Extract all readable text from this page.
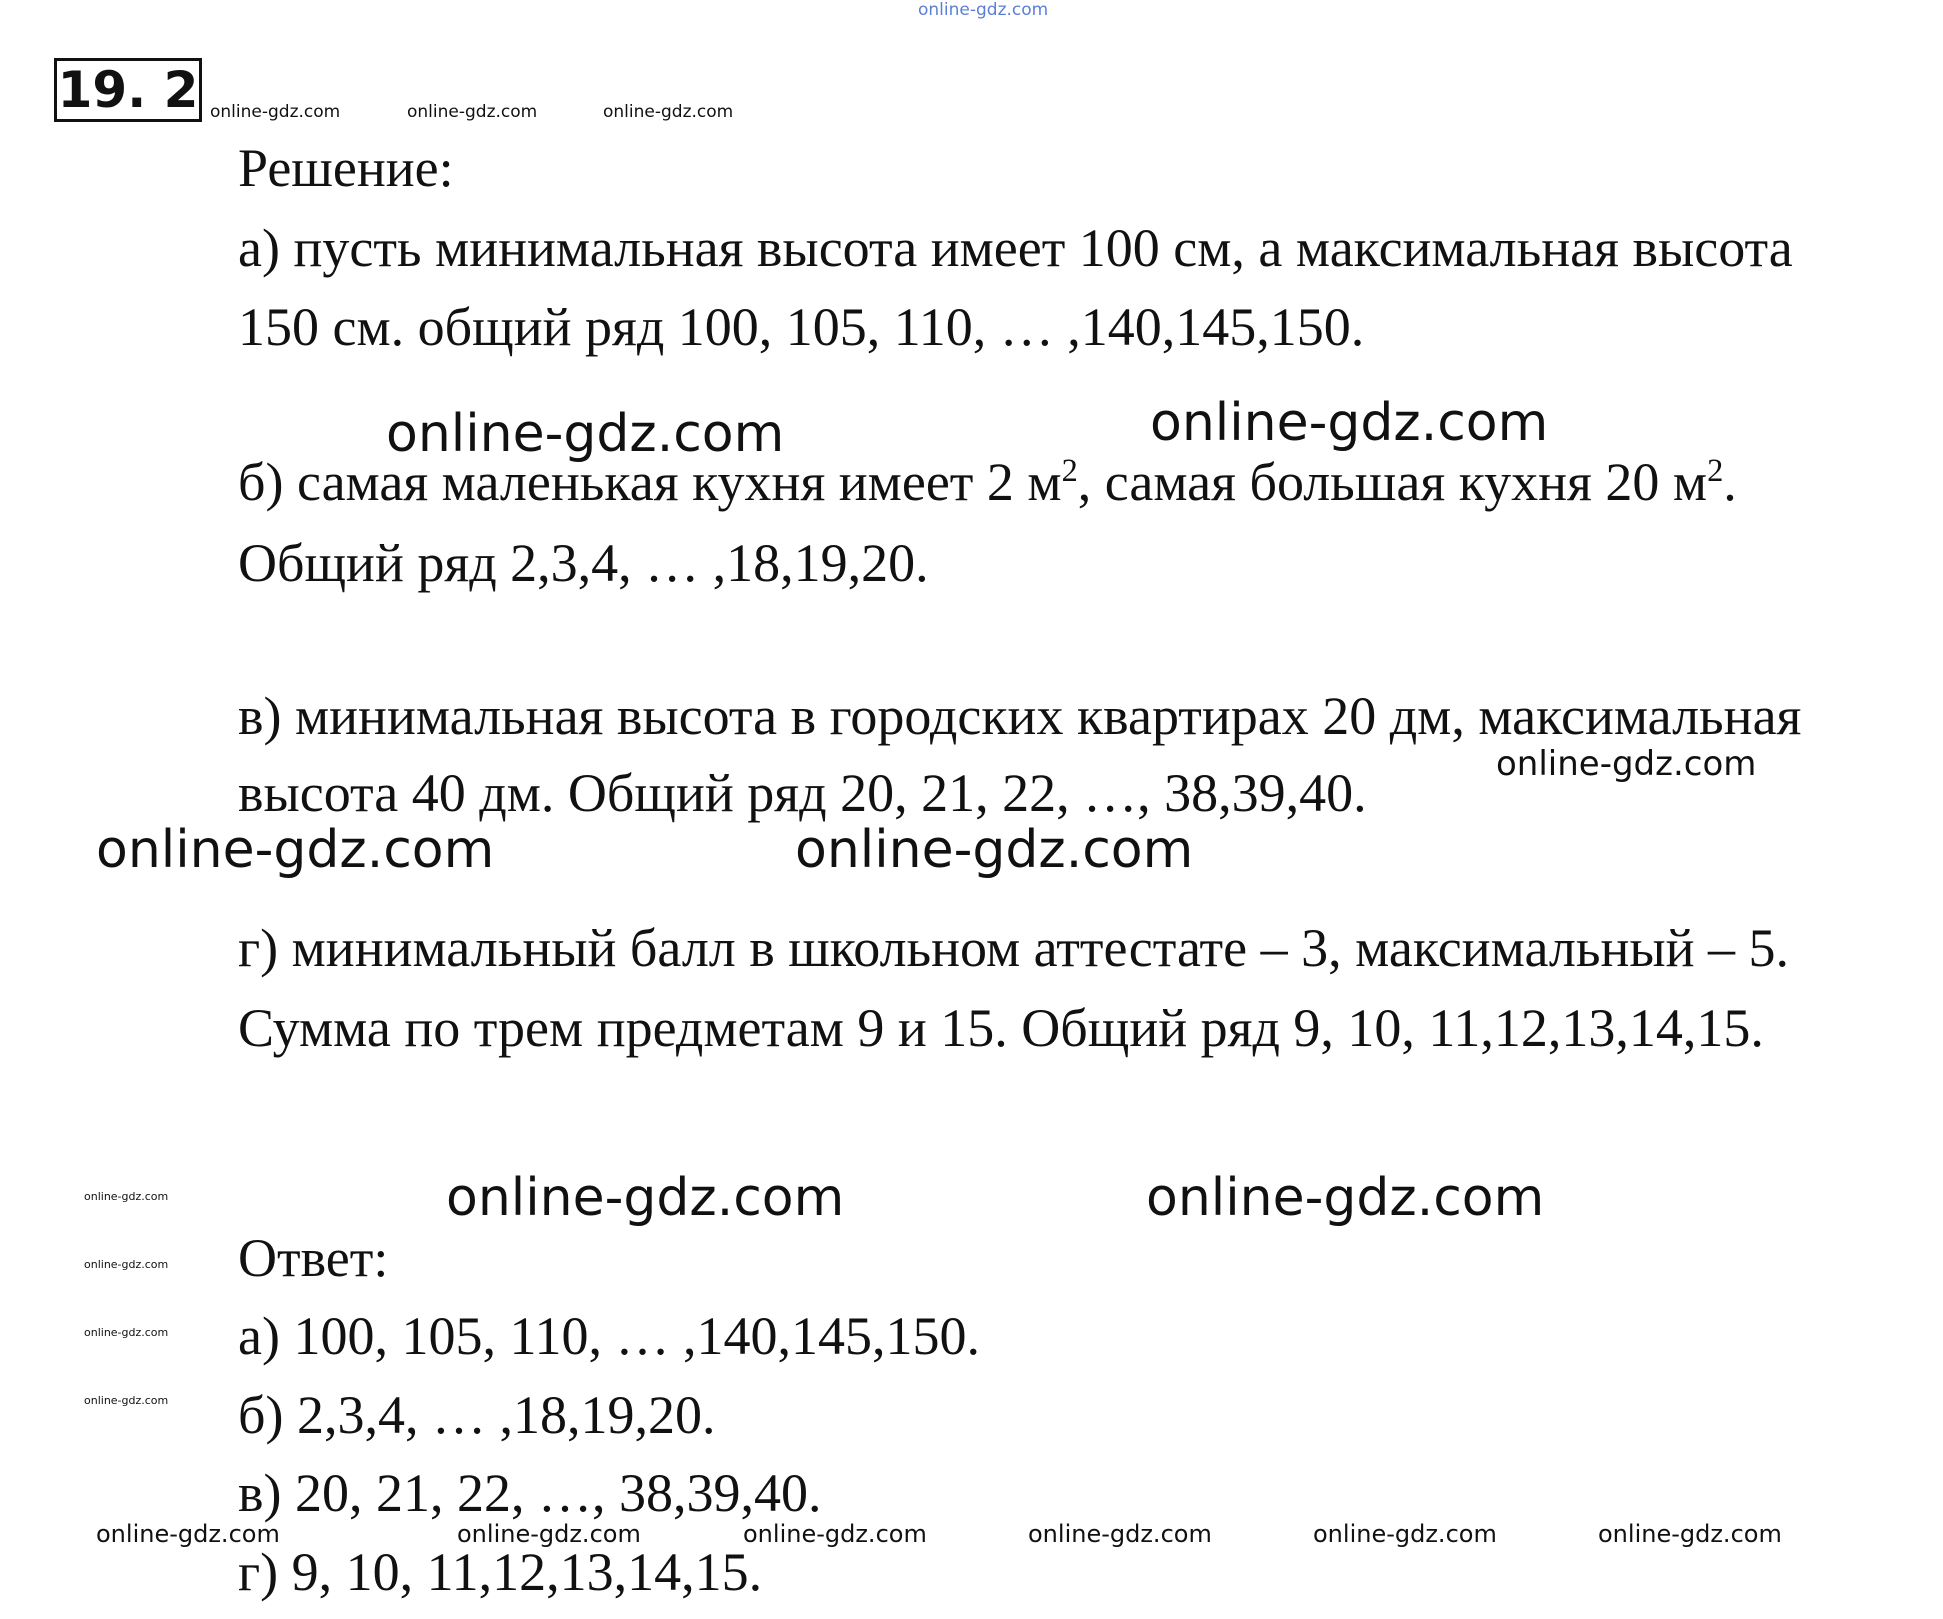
online-gdz.com
19. 2 online-gdz.com	online-gdz.com	online-gdz.com
Решение:
а) пусть минимальная высота имеет 100 см, а максимальная высота
150 см. общий ряд 100, 105, 110, … ,140,145,150.
online-gdz.com	online-gdz.com
б) самая маленькая кухня имеет 2 $м^2$, самая большая кухня 20 $м^2$.
Общий ряд 2,3,4, … ,18,19,20.
в) минимальная высота в городских квартирах 20 дм, максимальная
online-gdz.com
высота 40 дм. Общий ряд 20, 21, 22, …, 38,39,40.
online-gdz.com	online-gdz.com
г) минимальный балл в школьном аттестате – 3, максимальный – 5.
Сумма по трем предметам 9 и 15. Общий ряд 9, 10, 11,12,13,14,15.
online-gdz.com	online-gdz.com
online-gdz.com
online-gdz.com
online-gdz.com
online-gdz.com
Ответ:
а) 100, 105, 110, … ,140,145,150.
б) 2,3,4, … ,18,19,20.
в) 20, 21, 22, …, 38,39,40.
online-gdz.com	online-gdz.com	online-gdz.com	online-gdz.com	online-gdz.com	online-gdz.com
г) 9, 10, 11,12,13,14,15.
